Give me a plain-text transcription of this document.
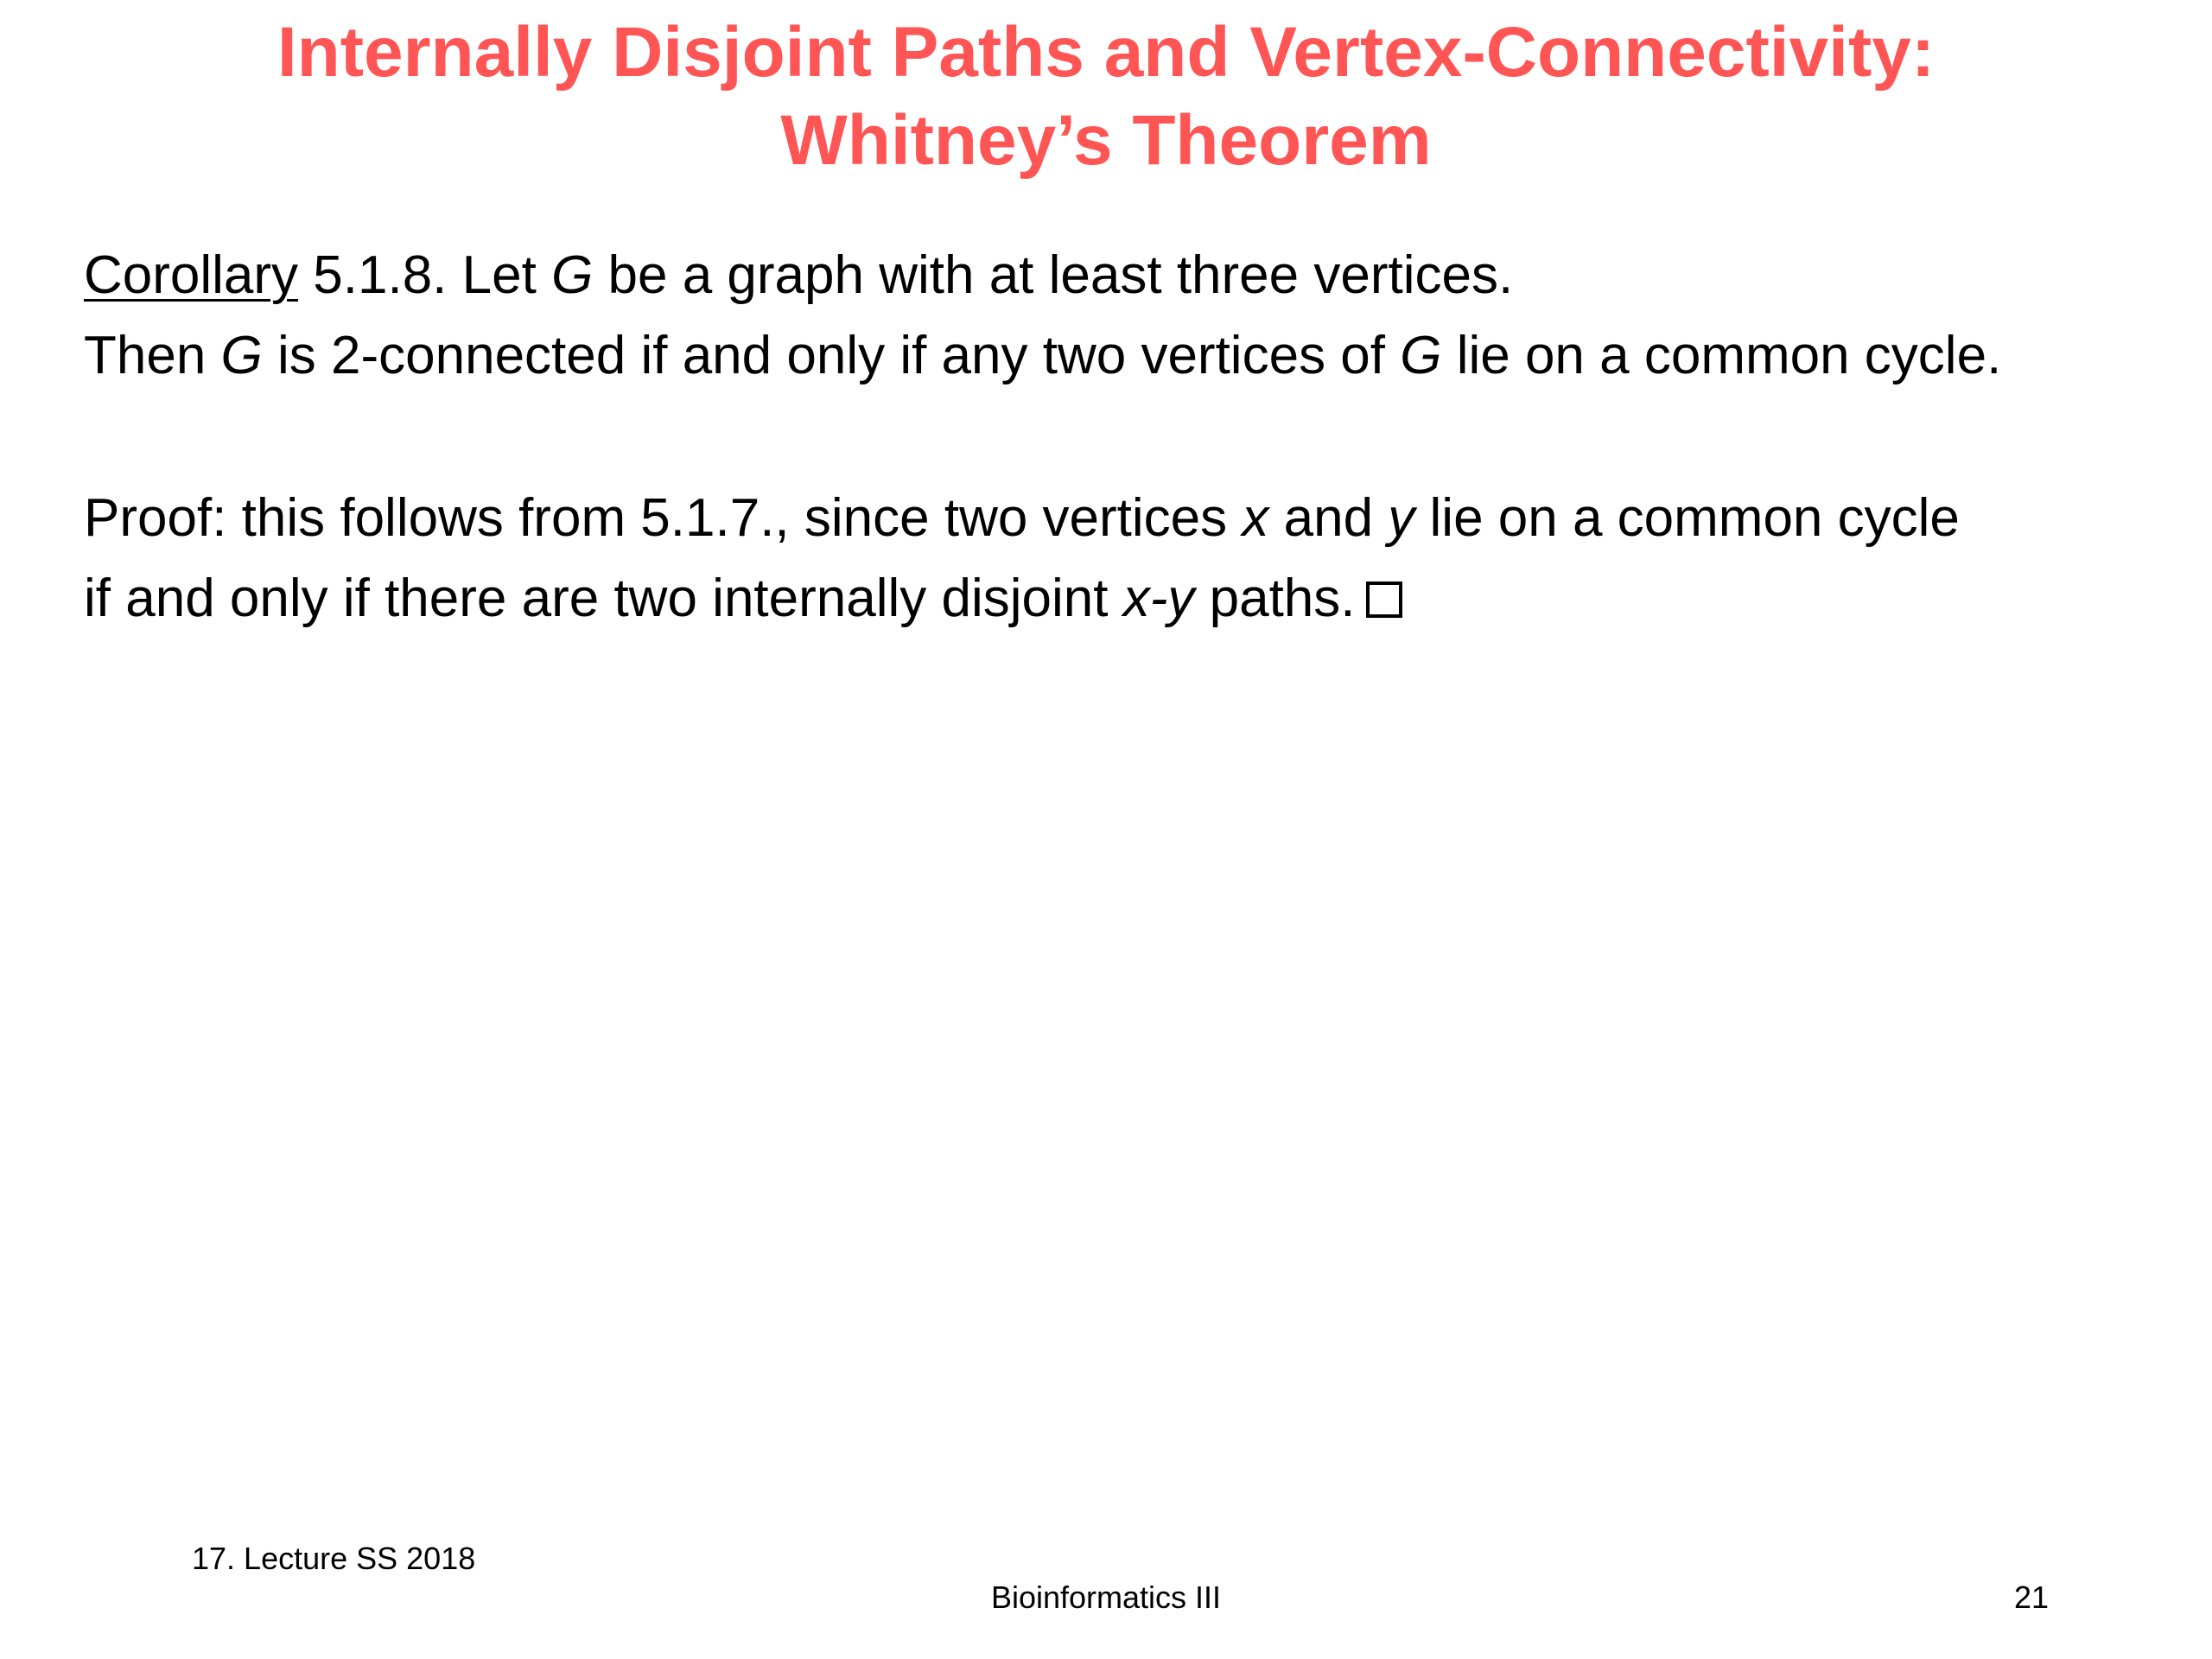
Internally Disjoint Paths and Vertex-Connectivity:
Whitney’s Theorem
Corollary 5.1.8. Let G be a graph with at least three vertices.
Then G is 2-connected if and only if any two vertices of G lie on a common cycle.
Proof: this follows from 5.1.7., since two vertices x and y lie on a common cycle
if and only if there are two internally disjoint x-y paths.
17. Lecture SS 2018
Bioinformatics III	21
